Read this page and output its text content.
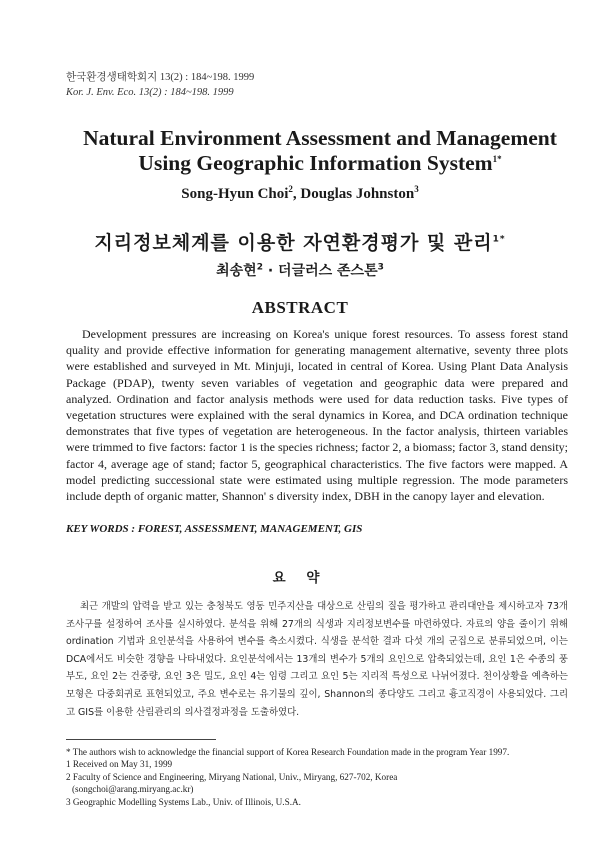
한국환경생태학회지 13(2) : 184~198. 1999
Kor. J. Env. Eco. 13(2) : 184~198. 1999
Natural Environment Assessment and Management
Using Geographic Information System$^{1*}$
Song-Hyun Choi$^2$, Douglas Johnston$^3$
지리정보체계를 이용한 자연환경평가 및 관리$^{1*}$
최송현$^2$ · 더글러스 존스톤$^3$
ABSTRACT

Development pressures are increasing on Korea's unique forest resources. To assess forest stand quality and provide effective information for generating management alternative, seventy three plots were established and surveyed in Mt. Minjuji, located in central of Korea. Using Plant Data Analysis Package (PDAP), twenty seven variables of vegetation and geographic data were prepared and analyzed. Ordination and factor analysis methods were used for data reduction tasks. Five types of vegetation structures were explained with the seral dynamics in Korea, and DCA ordination technique demonstrates that five types of vegetation are heterogeneous. In the factor analysis, thirteen variables were trimmed to five factors: factor 1 is the species richness; factor 2, a biomass; factor 3, stand density; factor 4, average age of stand; factor 5, geographical characteristics. The five factors were mapped. A model predicting successional state were estimated using multiple regression. The mode parameters include depth of organic matter, Shannon' s diversity index, DBH in the canopy layer and elevation.

KEY WORDS : FOREST, ASSESSMENT, MANAGEMENT, GIS
요 약

최근 개발의 압력을 받고 있는 충청북도 영동 민주지산을 대상으로 산림의 질을 평가하고 관리대안을 제시하고자 73개 조사구를 설정하여 조사를 실시하였다. 분석을 위해 27개의 식생과 지리정보변수를 마련하였다. 자료의 양을 줄이기 위해 ordination 기법과 요인분석을 사용하여 변수를 축소시켰다. 식생을 분석한 결과 다섯 개의 군집으로 분류되었으며, 이는 DCA에서도 비슷한 경향을 나타내었다. 요인분석에서는 13개의 변수가 5개의 요인으로 압축되었는데, 요인 1은 수종의 풍부도, 요인 2는 건중량, 요인 3은 밀도, 요인 4는 임령 그리고 요인 5는 지리적 특성으로 나뉘어졌다. 천이상황을 예측하는 모형은 다중회귀로 표현되었고, 주요 변수로는 유기물의 깊이, Shannon의 종다양도 그리고 흉고직경이 사용되었다. 그리고 GIS를 이용한 산림관리의 의사결정과정을 도출하였다.

* The authors wish to acknowledge the financial support of Korea Research Foundation made in the program Year 1997.
1 Received on May 31, 1999
2 Faculty of Science and Engineering, Miryang National, Univ., Miryang, 627-702, Korea
(songchoi@arang.miryang.ac.kr)
3 Geographic Modelling Systems Lab., Univ. of Illinois, U.S.A.
